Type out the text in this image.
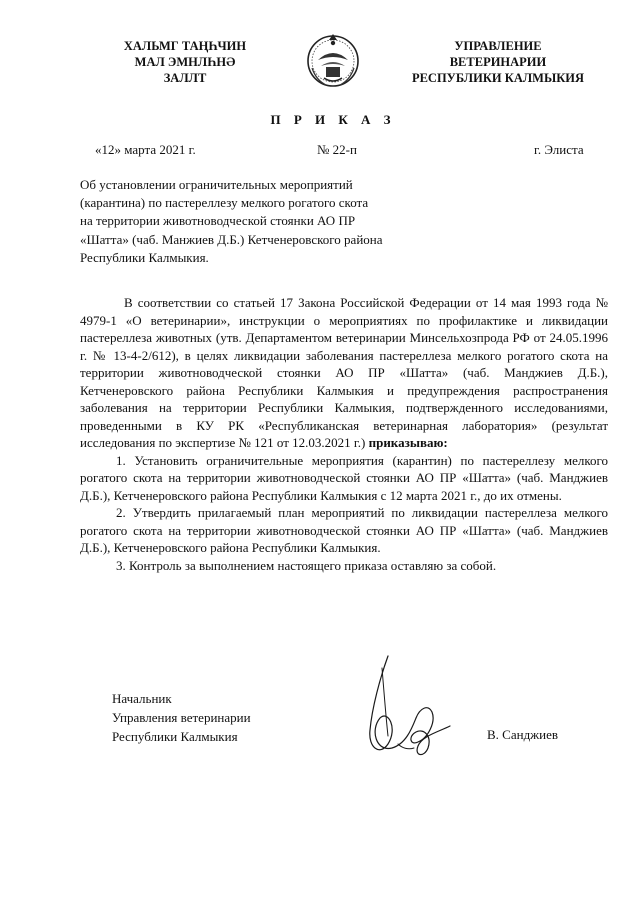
ХАЛЬМГ ТАҢҺЧИН
МАЛ ЭМНЛҺНӘ
ЗАЛЛТ
УПРАВЛЕНИЕ
ВЕТЕРИНАРИИ
РЕСПУБЛИКИ КАЛМЫКИЯ
П Р И К А З
«12» марта 2021 г.	№ 22-п	г. Элиста
Об установлении ограничительных мероприятий
(карантина) по пастереллезу мелкого рогатого скота
на территории животноводческой стоянки АО ПР
«Шатта» (чаб. Манжиев Д.Б.) Кетченеровского района
Республики Калмыкия.

В соответствии со статьей 17 Закона Российской Федерации от 14 мая 1993 года № 4979-1 «О ветеринарии», инструкции о мероприятиях по профилактике и ликвидации пастереллеза животных (утв. Департаментом ветеринарии Минсельхозпрода РФ от 24.05.1996 г. № 13-4-2/612), в целях ликвидации заболевания пастереллеза мелкого рогатого скота на территории животноводческой стоянки АО ПР «Шатта» (чаб. Манджиев Д.Б.), Кетченеровского района Республики Калмыкия и предупреждения распространения заболевания на территории Республики Калмыкия, подтвержденного исследованиями, проведенными в КУ РК «Республиканская ветеринарная лаборатория» (результат исследования по экспертизе № 121 от 12.03.2021 г.) приказываю:

1. Установить ограничительные мероприятия (карантин) по пастереллезу мелкого рогатого скота на территории животноводческой стоянки АО ПР «Шатта» (чаб. Манджиев Д.Б.), Кетченеровского района Республики Калмыкия с 12 марта 2021 г., до их отмены.

2. Утвердить прилагаемый план мероприятий по ликвидации пастереллеза мелкого рогатого скота на территории животноводческой стоянки АО ПР «Шатта» (чаб. Манджиев Д.Б.), Кетченеровского района Республики Калмыкия.

3. Контроль за выполнением настоящего приказа оставляю за собой.

Начальник
Управления ветеринарии
Республики Калмыкия	В. Санджиев
